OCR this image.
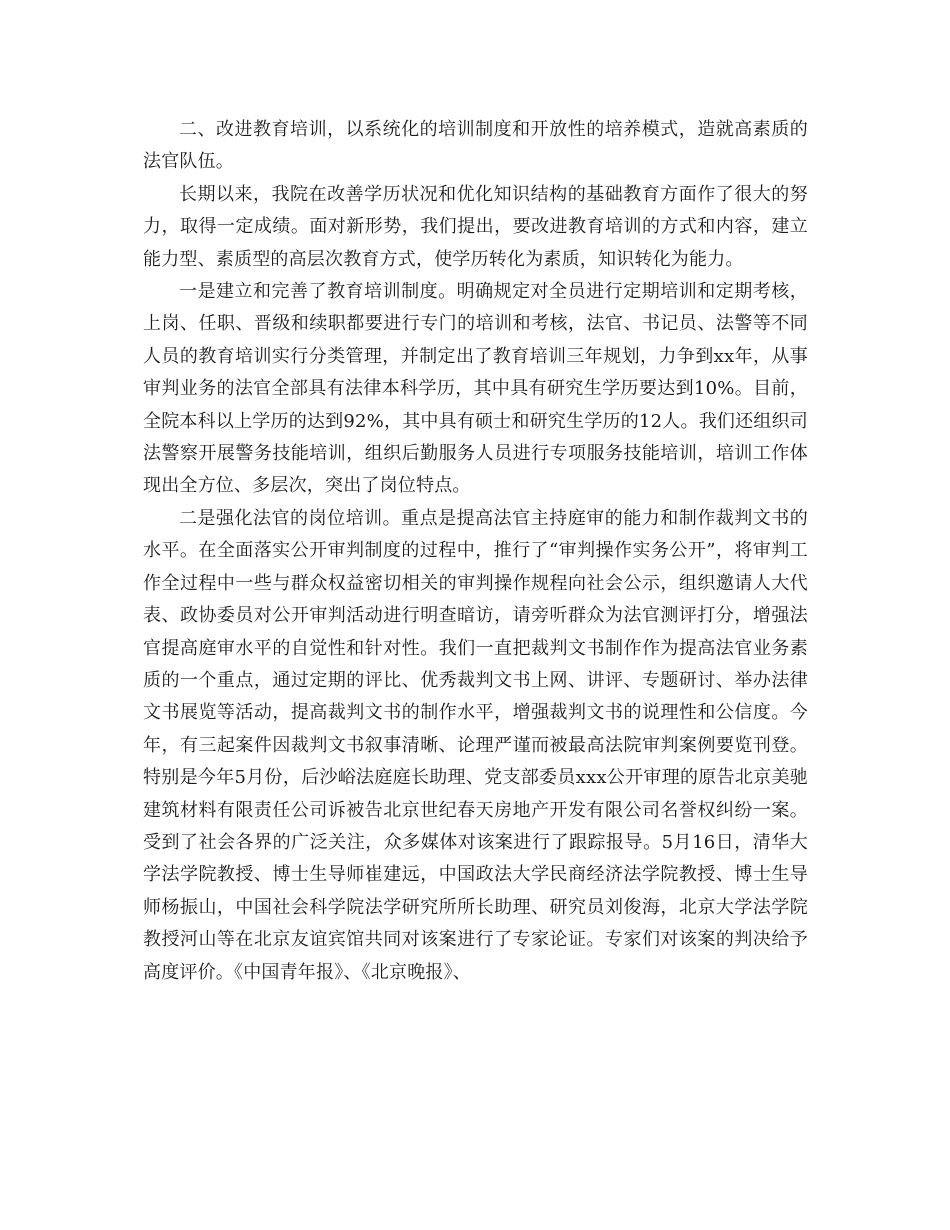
二、改进教育培训，以系统化的培训制度和开放性的培养模式，造就高素质的法官队伍。

长期以来，我院在改善学历状况和优化知识结构的基础教育方面作了很大的努力，取得一定成绩。面对新形势，我们提出，要改进教育培训的方式和内容，建立能力型、素质型的高层次教育方式，使学历转化为素质，知识转化为能力。

一是建立和完善了教育培训制度。明确规定对全员进行定期培训和定期考核，上岗、任职、晋级和续职都要进行专门的培训和考核，法官、书记员、法警等不同人员的教育培训实行分类管理，并制定出了教育培训三年规划，力争到xx年，从事审判业务的法官全部具有法律本科学历，其中具有研究生学历要达到10%。目前，全院本科以上学历的达到92%，其中具有硕士和研究生学历的12人。我们还组织司法警察开展警务技能培训，组织后勤服务人员进行专项服务技能培训，培训工作体现出全方位、多层次，突出了岗位特点。

二是强化法官的岗位培训。重点是提高法官主持庭审的能力和制作裁判文书的水平。在全面落实公开审判制度的过程中，推行了“审判操作实务公开”，将审判工作全过程中一些与群众权益密切相关的审判操作规程向社会公示，组织邀请人大代表、政协委员对公开审判活动进行明查暗访，请旁听群众为法官测评打分，增强法官提高庭审水平的自觉性和针对性。我们一直把裁判文书制作作为提高法官业务素质的一个重点，通过定期的评比、优秀裁判文书上网、讲评、专题研讨、举办法律文书展览等活动，提高裁判文书的制作水平，增强裁判文书的说理性和公信度。今年，有三起案件因裁判文书叙事清晰、论理严谨而被最高法院审判案例要览刊登。特别是今年5月份，后沙峪法庭庭长助理、党支部委员xxx公开审理的原告北京美驰建筑材料有限责任公司诉被告北京世纪春天房地产开发有限公司名誉权纠纷一案。 受到了社会各界的广泛关注，众多媒体对该案进行了跟踪报导。5月16日，清华大学法学院教授、博士生导师崔建远，中国政法大学民商经济法学院教授、博士生导师杨振山，中国社会科学院法学研究所所长助理、研究员刘俊海，北京大学法学院教授河山等在北京友谊宾馆共同对该案进行了专家论证。专家们对该案的判决给予高度评价。《中国青年报》、《北京晚报》、
